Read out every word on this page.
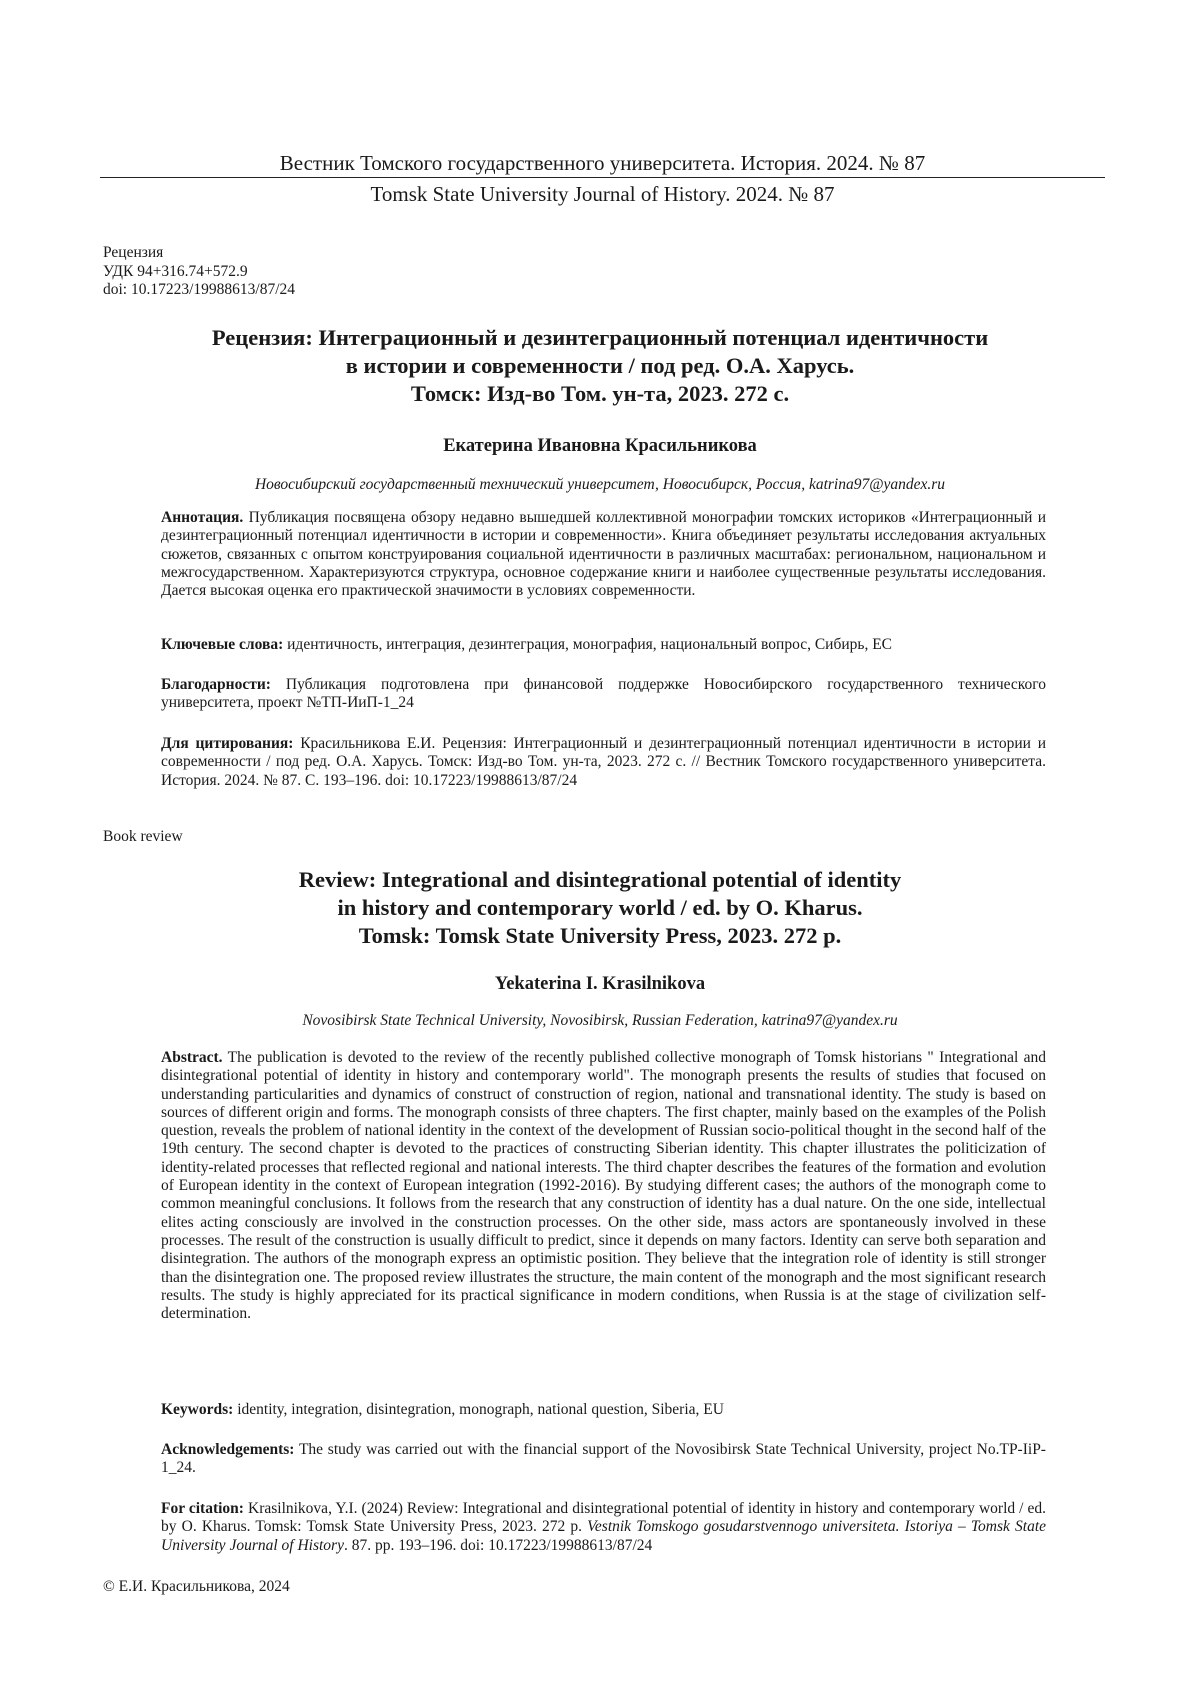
Вестник Томского государственного университета. История. 2024. № 87
Tomsk State University Journal of History. 2024. № 87
Рецензия
УДК 94+316.74+572.9
doi: 10.17223/19988613/87/24
Рецензия: Интеграционный и дезинтеграционный потенциал идентичности
в истории и современности / под ред. О.А. Харусь.
Томск: Изд-во Том. ун-та, 2023. 272 с.
Екатерина Ивановна Красильникова
Новосибирский государственный технический университет, Новосибирск, Россия, katrina97@yandex.ru
Аннотация. Публикация посвящена обзору недавно вышедшей коллективной монографии томских историков «Интеграционный и дезинтеграционный потенциал идентичности в истории и современности». Книга объединяет результаты исследования актуальных сюжетов, связанных с опытом конструирования социальной идентичности в различных масштабах: региональном, национальном и межгосударственном. Характеризуются структура, основное содержание книги и наиболее существенные результаты исследования. Дается высокая оценка его практической значимости в условиях современности.
Ключевые слова: идентичность, интеграция, дезинтеграция, монография, национальный вопрос, Сибирь, ЕС
Благодарности: Публикация подготовлена при финансовой поддержке Новосибирского государственного технического университета, проект №ТП-ИиП-1_24
Для цитирования: Красильникова Е.И. Рецензия: Интеграционный и дезинтеграционный потенциал идентичности в истории и современности / под ред. О.А. Харусь. Томск: Изд-во Том. ун-та, 2023. 272 с. // Вестник Томского государственного университета. История. 2024. № 87. С. 193–196. doi: 10.17223/19988613/87/24
Book review
Review: Integrational and disintegrational potential of identity
in history and contemporary world / ed. by O. Kharus.
Tomsk: Tomsk State University Press, 2023. 272 p.
Yekaterina I. Krasilnikova
Novosibirsk State Technical University, Novosibirsk, Russian Federation, katrina97@yandex.ru
Abstract. The publication is devoted to the review of the recently published collective monograph of Tomsk historians " Integrational and disintegrational potential of identity in history and contemporary world". The monograph presents the results of studies that focused on understanding particularities and dynamics of construct of construction of region, national and transnational identity. The study is based on sources of different origin and forms. The monograph consists of three chapters. The first chapter, mainly based on the examples of the Polish question, reveals the problem of national identity in the context of the development of Russian socio-political thought in the second half of the 19th century. The second chapter is devoted to the practices of constructing Siberian identity. This chapter illustrates the politicization of identity-related processes that reflected regional and national interests. The third chapter describes the features of the formation and evolution of European identity in the context of European integration (1992-2016). By studying different cases; the authors of the monograph come to common meaningful conclusions. It follows from the research that any construction of identity has a dual nature. On the one side, intellectual elites acting consciously are involved in the construction processes. On the other side, mass actors are spontaneously involved in these processes. The result of the construction is usually difficult to predict, since it depends on many factors. Identity can serve both separation and disintegration. The authors of the monograph express an optimistic position. They believe that the integration role of identity is still stronger than the disintegration one. The proposed review illustrates the structure, the main content of the monograph and the most significant research results. The study is highly appreciated for its practical significance in modern conditions, when Russia is at the stage of civilization self-determination.
Keywords: identity, integration, disintegration, monograph, national question, Siberia, EU
Acknowledgements: The study was carried out with the financial support of the Novosibirsk State Technical University, project No.TP-IiP-1_24.
For citation: Krasilnikova, Y.I. (2024) Review: Integrational and disintegrational potential of identity in history and contemporary world / ed. by O. Kharus. Tomsk: Tomsk State University Press, 2023. 272 p. Vestnik Tomskogo gosudarstvennogo universiteta. Istoriya – Tomsk State University Journal of History. 87. pp. 193–196. doi: 10.17223/19988613/87/24
© Е.И. Красильникова, 2024
